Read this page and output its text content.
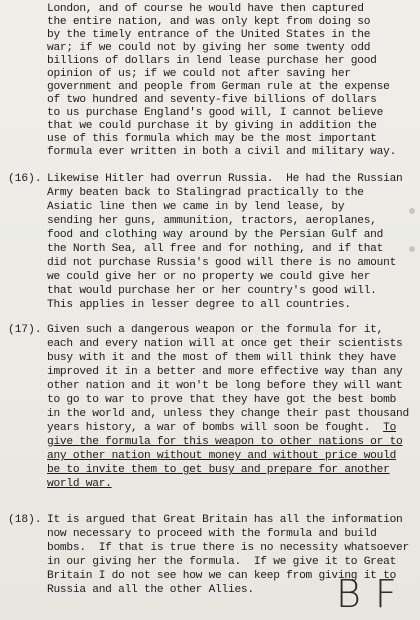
London, and of course he would have then captured
the entire nation, and was only kept from doing so
by the timely entrance of the United States in the
war; if we could not by giving her some twenty odd
billions of dollars in lend lease purchase her good
opinion of us; if we could not after saving her
government and people from German rule at the expense
of two hundred and seventy-five billions of dollars
to us purchase England's good will, I cannot believe
that we could purchase it by giving in addition the
use of this formula which may be the most important
formula ever written in both a civil and military way.
(16). Likewise Hitler had overrun Russia.  He had the Russian
Army beaten back to Stalingrad practically to the
Asiatic line then we came in by lend lease, by
sending her guns, ammunition, tractors, aeroplanes,
food and clothing way around by the Persian Gulf and
the North Sea, all free and for nothing, and if that
did not purchase Russia's good will there is no amount
we could give her or no property we could give her
that would purchase her or her country's good will.
This applies in lesser degree to all countries.
(17). Given such a dangerous weapon or the formula for it,
each and every nation will at once get their scientists
busy with it and the most of them will think they have
improved it in a better and more effective way than any
other nation and it won't be long before they will want
to go to war to prove that they have got the best bomb
in the world and, unless they change their past thousand
years history, a war of bombs will soon be fought. To
give the formula for this weapon to other nations or to
any other nation without money and without price would
be to invite them to get busy and prepare for another
world war.
(18). It is argued that Great Britain has all the information
now necessary to proceed with the formula and build
bombs.  If that is true there is no necessity whatsoever
in our giving her the formula.  If we give it to Great
Britain I do not see how we can keep from giving it to
Russia and all the other Allies. BF
